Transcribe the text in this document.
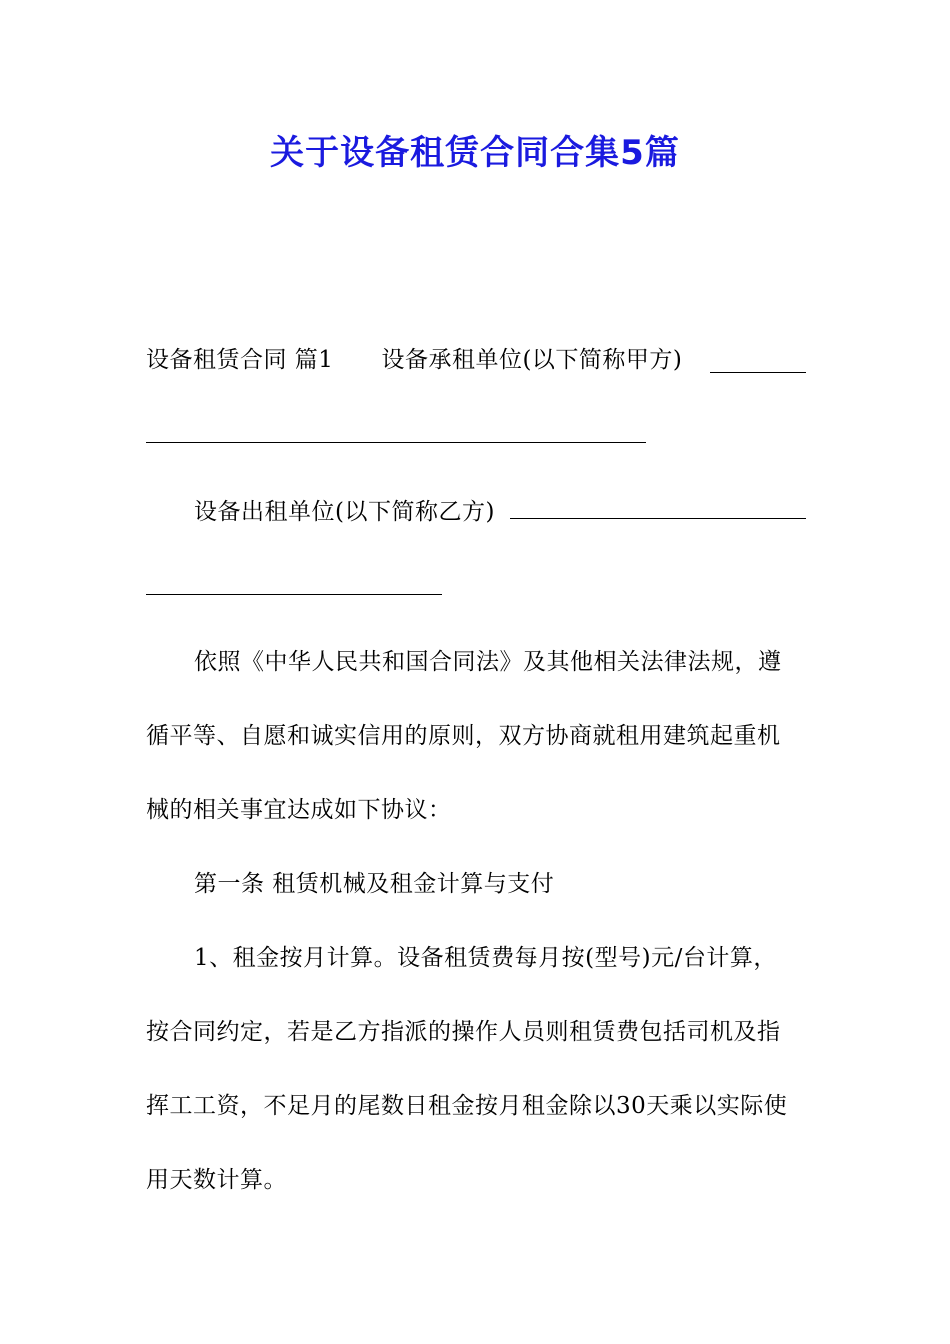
关于设备租赁合同合集5篇
设备租赁合同 篇1 设备承租单位(以下简称甲方)
设备出租单位(以下简称乙方)
依照《中华人民共和国合同法》及其他相关法律法规，遵
循平等、自愿和诚实信用的原则，双方协商就租用建筑起重机
械的相关事宜达成如下协议：
第一条 租赁机械及租金计算与支付
1、租金按月计算。设备租赁费每月按(型号)元/台计算，
按合同约定，若是乙方指派的操作人员则租赁费包括司机及指
挥工工资，不足月的尾数日租金按月租金除以30天乘以实际使
用天数计算。
